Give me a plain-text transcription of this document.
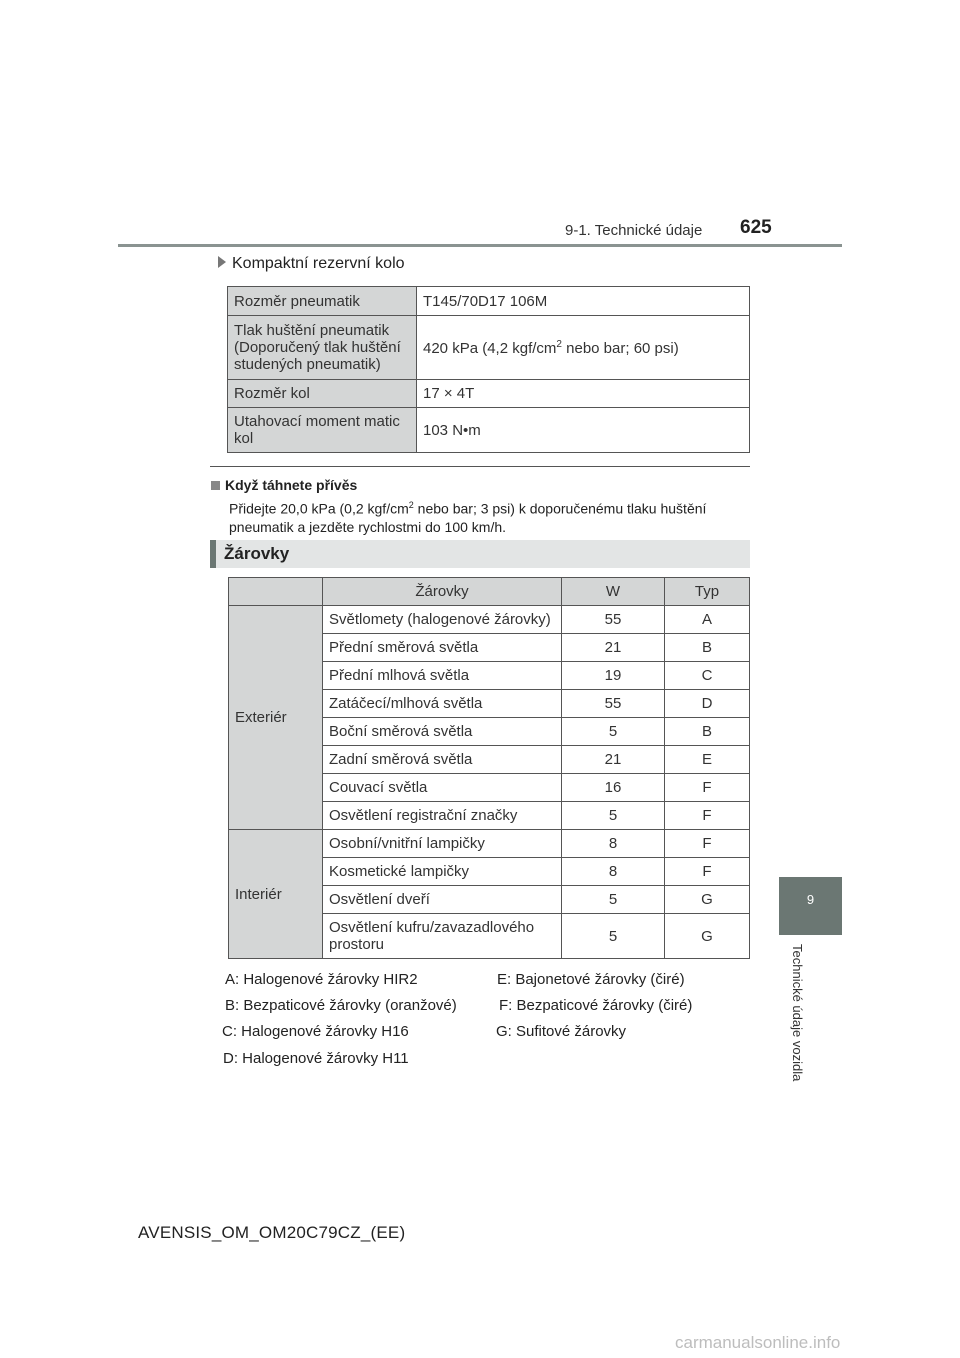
9-1. Technické údaje 625
9
Technické údaje vozidla
Kompaktní rezervní kolo
Rozměr pneumatik	T145/70D17 106M
Tlak huštění pneumatik (Doporučený tlak huštění studených pneumatik)	420 kPa (4,2 kgf/$cm^2$ nebo bar; 60 psi)
Rozměr kol	17 × 4T
Utahovací moment matic kol	103 N•m
Když táhnete přívěs
Přidejte 20,0 kPa (0,2 kgf/$cm^2$ nebo bar; 3 psi) k doporučenému tlaku huštění pneumatik a jezděte rychlostmi do 100 km/h.
Žárovky
	Žárovky	W	Typ
Exteriér	Světlomety (halogenové žárovky)	55	A
	Přední směrová světla	21	B
	Přední mlhová světla	19	C
	Zatáčecí/mlhová světla	55	D
	Boční směrová světla	5	B
	Zadní směrová světla	21	E
	Couvací světla	16	F
	Osvětlení registrační značky	5	F
Interiér	Osobní/vnitřní lampičky	8	F
	Kosmetické lampičky	8	F
	Osvětlení dveří	5	G
	Osvětlení kufru/zavazadlového prostoru	5	G
A: Halogenové žárovky HIR2	E: Bajonetové žárovky (čiré)
B: Bezpaticové žárovky (oranžové)	F: Bezpaticové žárovky (čiré)
C: Halogenové žárovky H16	G: Sufitové žárovky
D: Halogenové žárovky H11
AVENSIS_OM_OM20C79CZ_(EE)
carmanualsonline.info
